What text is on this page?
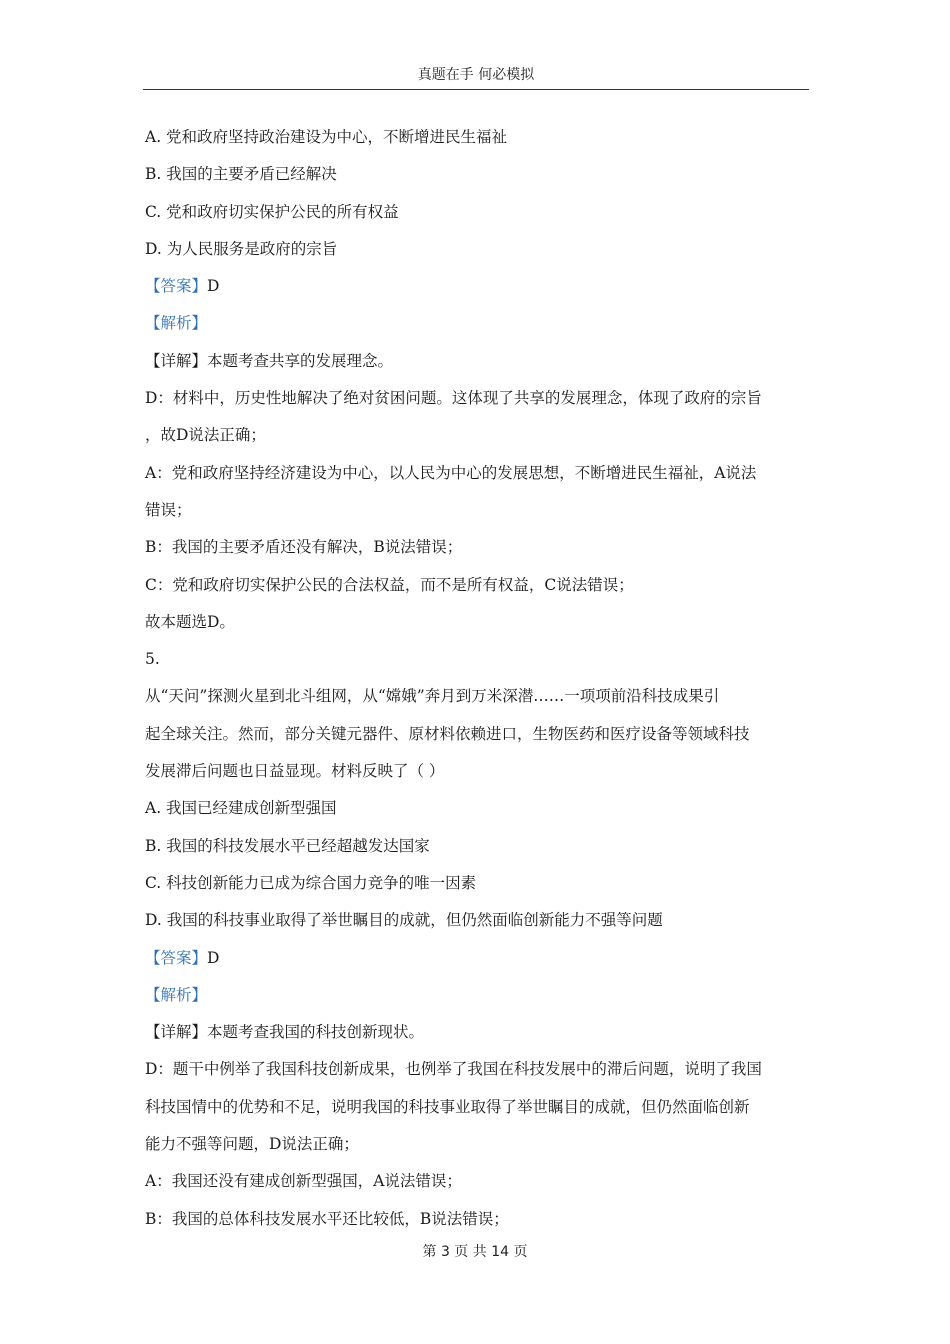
真题在手 何必模拟
A. 党和政府坚持政治建设为中心，不断增进民生福祉
B. 我国的主要矛盾已经解决
C. 党和政府切实保护公民的所有权益
D. 为人民服务是政府的宗旨
【答案】D
【解析】
【详解】本题考查共享的发展理念。
D：材料中，历史性地解决了绝对贫困问题。这体现了共享的发展理念，体现了政府的宗旨
，故D说法正确；
A：党和政府坚持经济建设为中心，以人民为中心的发展思想，不断增进民生福祉，A说法
错误；
B：我国的主要矛盾还没有解决，B说法错误；
C：党和政府切实保护公民的合法权益，而不是所有权益，C说法错误；
故本题选D。
5.
从“天问”探测火星到北斗组网，从“嫦娥”奔月到万米深潜……一项项前沿科技成果引
起全球关注。然而，部分关键元器件、原材料依赖进口，生物医药和医疗设备等领域科技
发展滞后问题也日益显现。材料反映了（ ）
A. 我国已经建成创新型强国
B. 我国的科技发展水平已经超越发达国家
C. 科技创新能力已成为综合国力竞争的唯一因素
D. 我国的科技事业取得了举世瞩目的成就，但仍然面临创新能力不强等问题
【答案】D
【解析】
【详解】本题考查我国的科技创新现状。
D：题干中例举了我国科技创新成果，也例举了我国在科技发展中的滞后问题，说明了我国
科技国情中的优势和不足，说明我国的科技事业取得了举世瞩目的成就，但仍然面临创新
能力不强等问题，D说法正确；
A：我国还没有建成创新型强国，A说法错误；
B：我国的总体科技发展水平还比较低，B说法错误；
第 3 页 共 14 页
